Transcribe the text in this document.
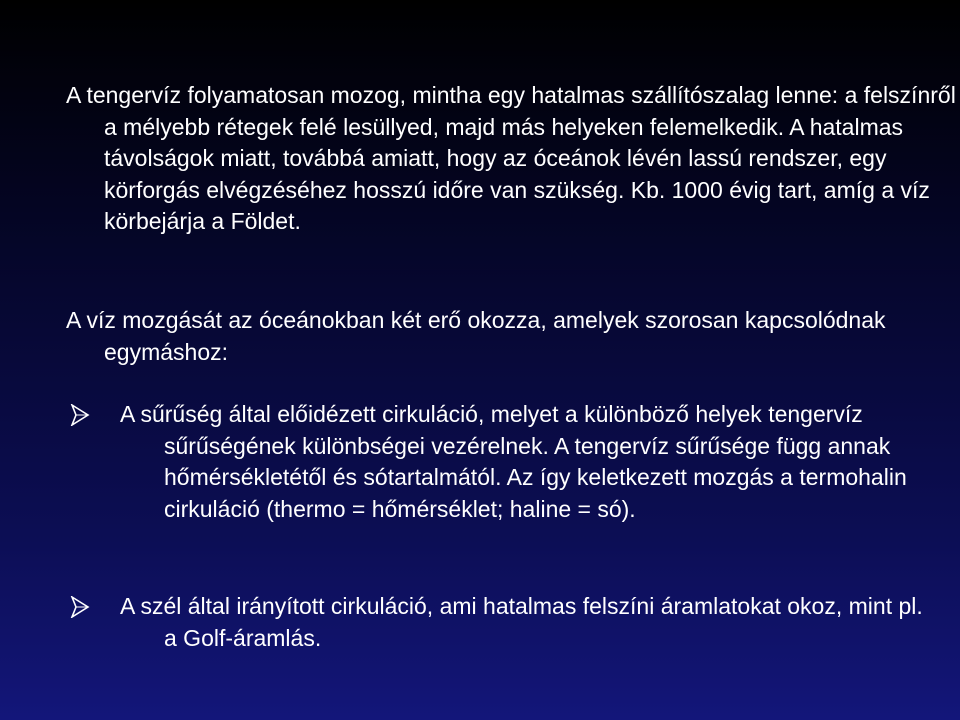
A tengervíz folyamatosan mozog, mintha egy hatalmas szállítószalag lenne: a felszínről a mélyebb rétegek felé lesüllyed, majd más helyeken felemelkedik. A hatalmas távolságok miatt, továbbá amiatt, hogy az óceánok lévén lassú rendszer, egy körforgás elvégzéséhez hosszú időre van szükség. Kb. 1000 évig tart, amíg a víz körbejárja a Földet.

A víz mozgását az óceánokban két erő okozza, amelyek szorosan kapcsolódnak egymáshoz:

A sűrűség által előidézett cirkuláció, melyet a különböző helyek tengervíz sűrűségének különbségei vezérelnek. A tengervíz sűrűsége függ annak hőmérsékletétől és sótartalmától. Az így keletkezett mozgás a termohalin cirkuláció (thermo = hőmérséklet; haline = só).

A szél által irányított cirkuláció, ami hatalmas felszíni áramlatokat okoz, mint pl. a Golf-áramlás.
